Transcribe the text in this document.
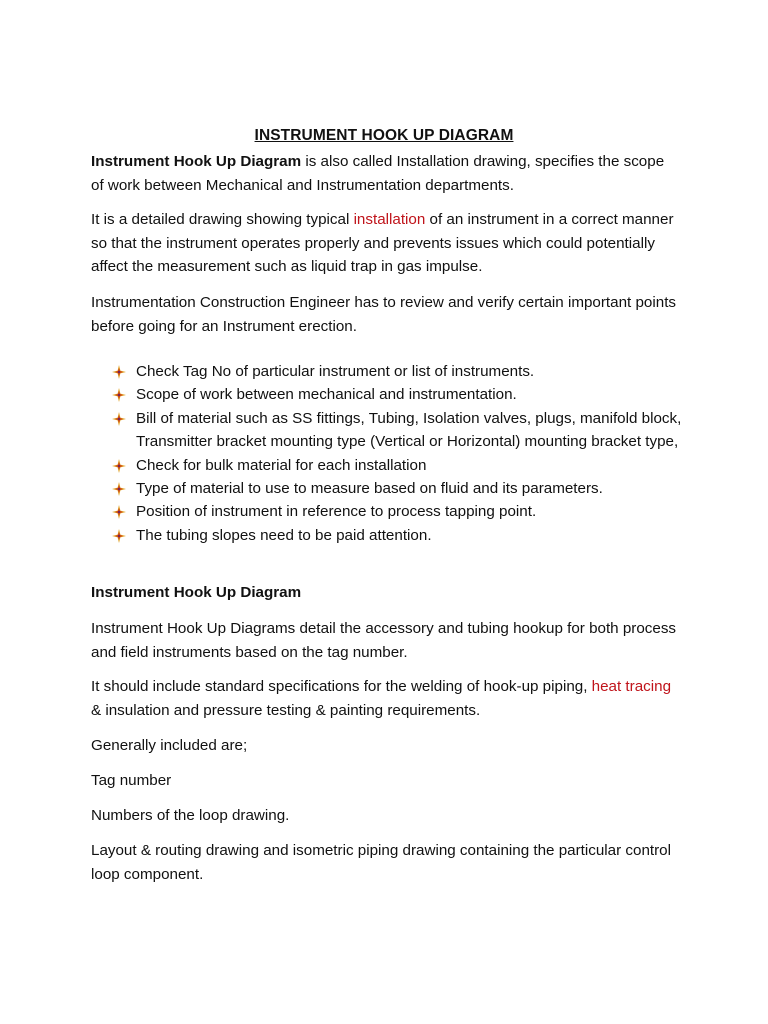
INSTRUMENT HOOK UP DIAGRAM

Instrument Hook Up Diagram is also called Installation drawing, specifies the scope of work between Mechanical and Instrumentation departments.

It is a detailed drawing showing typical installation of an instrument in a correct manner so that the instrument operates properly and prevents issues which could potentially affect the measurement such as liquid trap in gas impulse.

Instrumentation Construction Engineer has to review and verify certain important points before going for an Instrument erection.

Check Tag No of particular instrument or list of instruments.
Scope of work between mechanical and instrumentation.
Bill of material such as SS fittings, Tubing, Isolation valves, plugs, manifold block, Transmitter bracket mounting type (Vertical or Horizontal) mounting bracket type,
Check for bulk material for each installation
Type of material to use to measure based on fluid and its parameters.
Position of instrument in reference to process tapping point.
The tubing slopes need to be paid attention.

Instrument Hook Up Diagram

Instrument Hook Up Diagrams detail the accessory and tubing hookup for both process and field instruments based on the tag number.

It should include standard specifications for the welding of hook-up piping, heat tracing & insulation and pressure testing & painting requirements.

Generally included are;

Tag number

Numbers of the loop drawing.

Layout & routing drawing and isometric piping drawing containing the particular control loop component.
